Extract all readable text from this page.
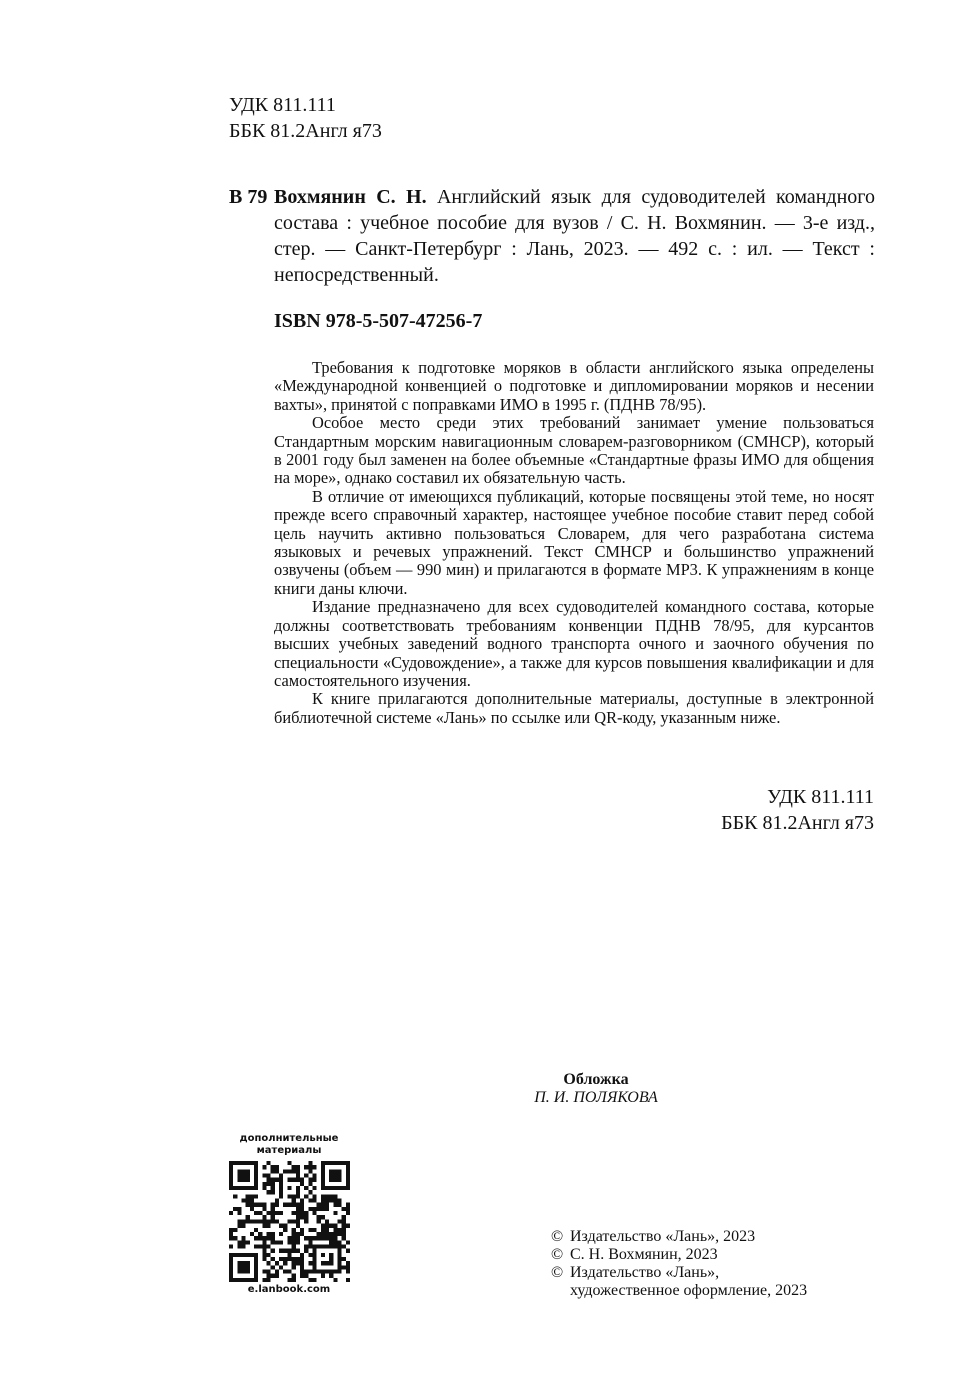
УДК 811.111
ББК 81.2Англ я73
В 79 Вохмянин С. Н. Английский язык для судоводителей командного состава : учебное пособие для вузов / С. Н. Вохмянин. — 3-е изд., стер. — Санкт-Петербург : Лань, 2023. — 492 с. : ил. — Текст : непосредственный.
ISBN 978-5-507-47256-7

Требования к подготовке моряков в области английского языка определены «Международной конвенцией о подготовке и дипломировании моряков и несении вахты», принятой с поправками ИМО в 1995 г. (ПДНВ 78/95).

Особое место среди этих требований занимает умение пользоваться Стандартным морским навигационным словарем-разговорником (СМНСР), который в 2001 году был заменен на более объемные «Стандартные фразы ИМО для общения на море», однако составил их обязательную часть.

В отличие от имеющихся публикаций, которые посвящены этой теме, но носят прежде всего справочный характер, настоящее учебное пособие ставит перед собой цель научить активно пользоваться Словарем, для чего разработана система языковых и речевых упражнений. Текст СМНСР и большинство упражнений озвучены (объем — 990 мин) и прилагаются в формате MP3. К упражнениям в конце книги даны ключи.

Издание предназначено для всех судоводителей командного состава, которые должны соответствовать требованиям конвенции ПДНВ 78/95, для курсантов высших учебных заведений водного транспорта очного и заочного обучения по специальности «Судовождение», а также для курсов повышения квалификации и для самостоятельного изучения.

К книге прилагаются дополнительные материалы, доступные в электронной библиотечной системе «Лань» по ссылке или QR-коду, указанным ниже.

УДК 811.111
ББК 81.2Англ я73
Обложка
П. И. ПОЛЯКОВА
дополнительные
материалы
e.lanbook.com
© Издательство «Лань», 2023
© С. Н. Вохмянин, 2023
© Издательство «Лань»,
художественное оформление, 2023
